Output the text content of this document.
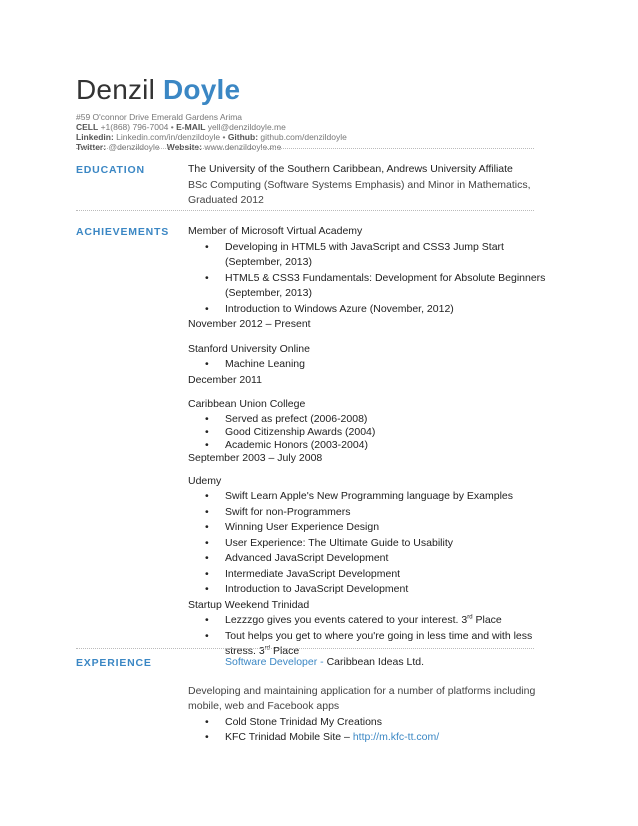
Denzil Doyle
#59 O'connor Drive Emerald Gardens Arima
CELL +1(868) 796-7004 • E-MAIL yell@denzildoyle.me
Linkedin: Linkedin.com/in/denzildoyle • Github: github.com/denzildoyle
Twitter: @denzildoyle Website: www.denzildoyle.me
EDUCATION	The University of the Southern Caribbean, Andrews University Affiliate
BSc Computing (Software Systems Emphasis) and Minor in Mathematics,
Graduated 2012
ACHIEVEMENTS Member of Microsoft Virtual Academy
• Developing in HTML5 with JavaScript and CSS3 Jump Start (September, 2013)
• HTML5 & CSS3 Fundamentals: Development for Absolute Beginners (September, 2013)
• Introduction to Windows Azure (November, 2012)
November 2012 – Present
Stanford University Online
• Machine Leaning
December 2011
Caribbean Union College
• Served as prefect (2006-2008)
• Good Citizenship Awards (2004)
• Academic Honors (2003-2004)
September 2003 – July 2008
Udemy
• Swift Learn Apple's New Programming language by Examples
• Swift for non-Programmers
• Winning User Experience Design
• User Experience: The Ultimate Guide to Usability
• Advanced JavaScript Development
• Intermediate JavaScript Development
• Introduction to JavaScript Development
Startup Weekend Trinidad
• Lezzzgo gives you events catered to your interest. 3rd Place
• Tout helps you get to where you're going in less time and with less stress. 3rd Place
EXPERIENCE	Software Developer - Caribbean Ideas Ltd.
Developing and maintaining application for a number of platforms including mobile, web and Facebook apps
• Cold Stone Trinidad My Creations
• KFC Trinidad Mobile Site – http://m.kfc-tt.com/
